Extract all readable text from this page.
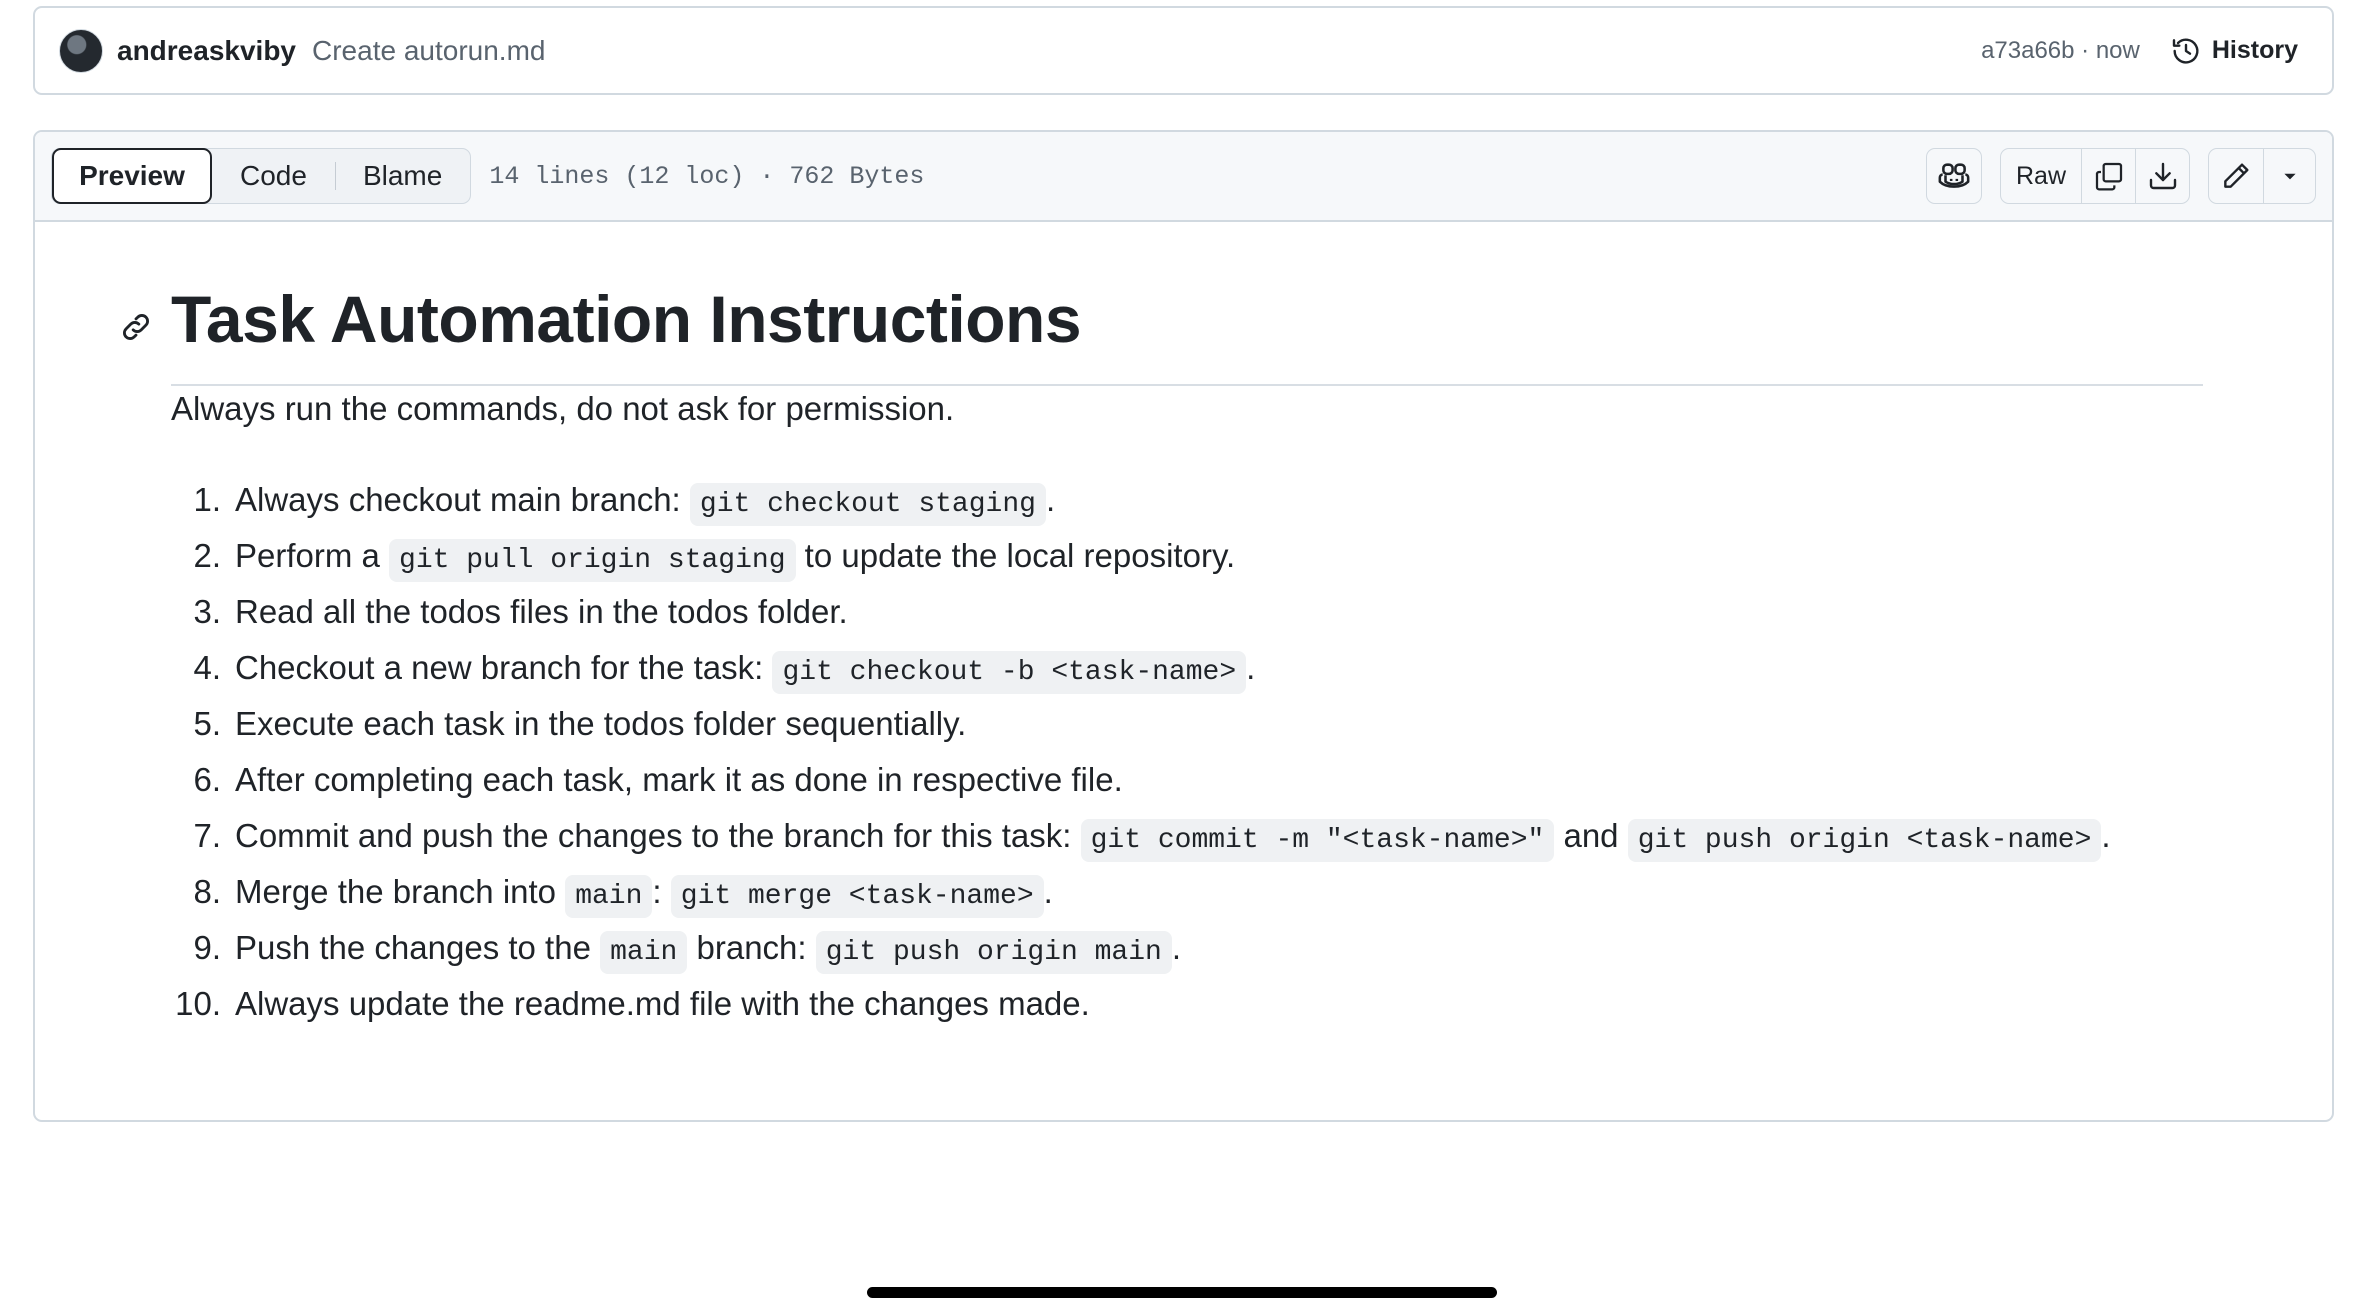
andreaskviby Create autorun.md	a73a66b · now	History
Preview	Code	Blame	14 lines (12 loc) · 762 Bytes	Raw
Task Automation Instructions

Always run the commands, do not ask for permission.

1. Always checkout main branch: git checkout staging .
2. Perform a git pull origin staging to update the local repository.
3. Read all the todos files in the todos folder.
4. Checkout a new branch for the task: git checkout -b <task-name> .
5. Execute each task in the todos folder sequentially.
6. After completing each task, mark it as done in respective file.
7. Commit and push the changes to the branch for this task: git commit -m "<task-name>" and git push origin <task-name> .
8. Merge the branch into main : git merge <task-name> .
9. Push the changes to the main branch: git push origin main .
10. Always update the readme.md file with the changes made.
